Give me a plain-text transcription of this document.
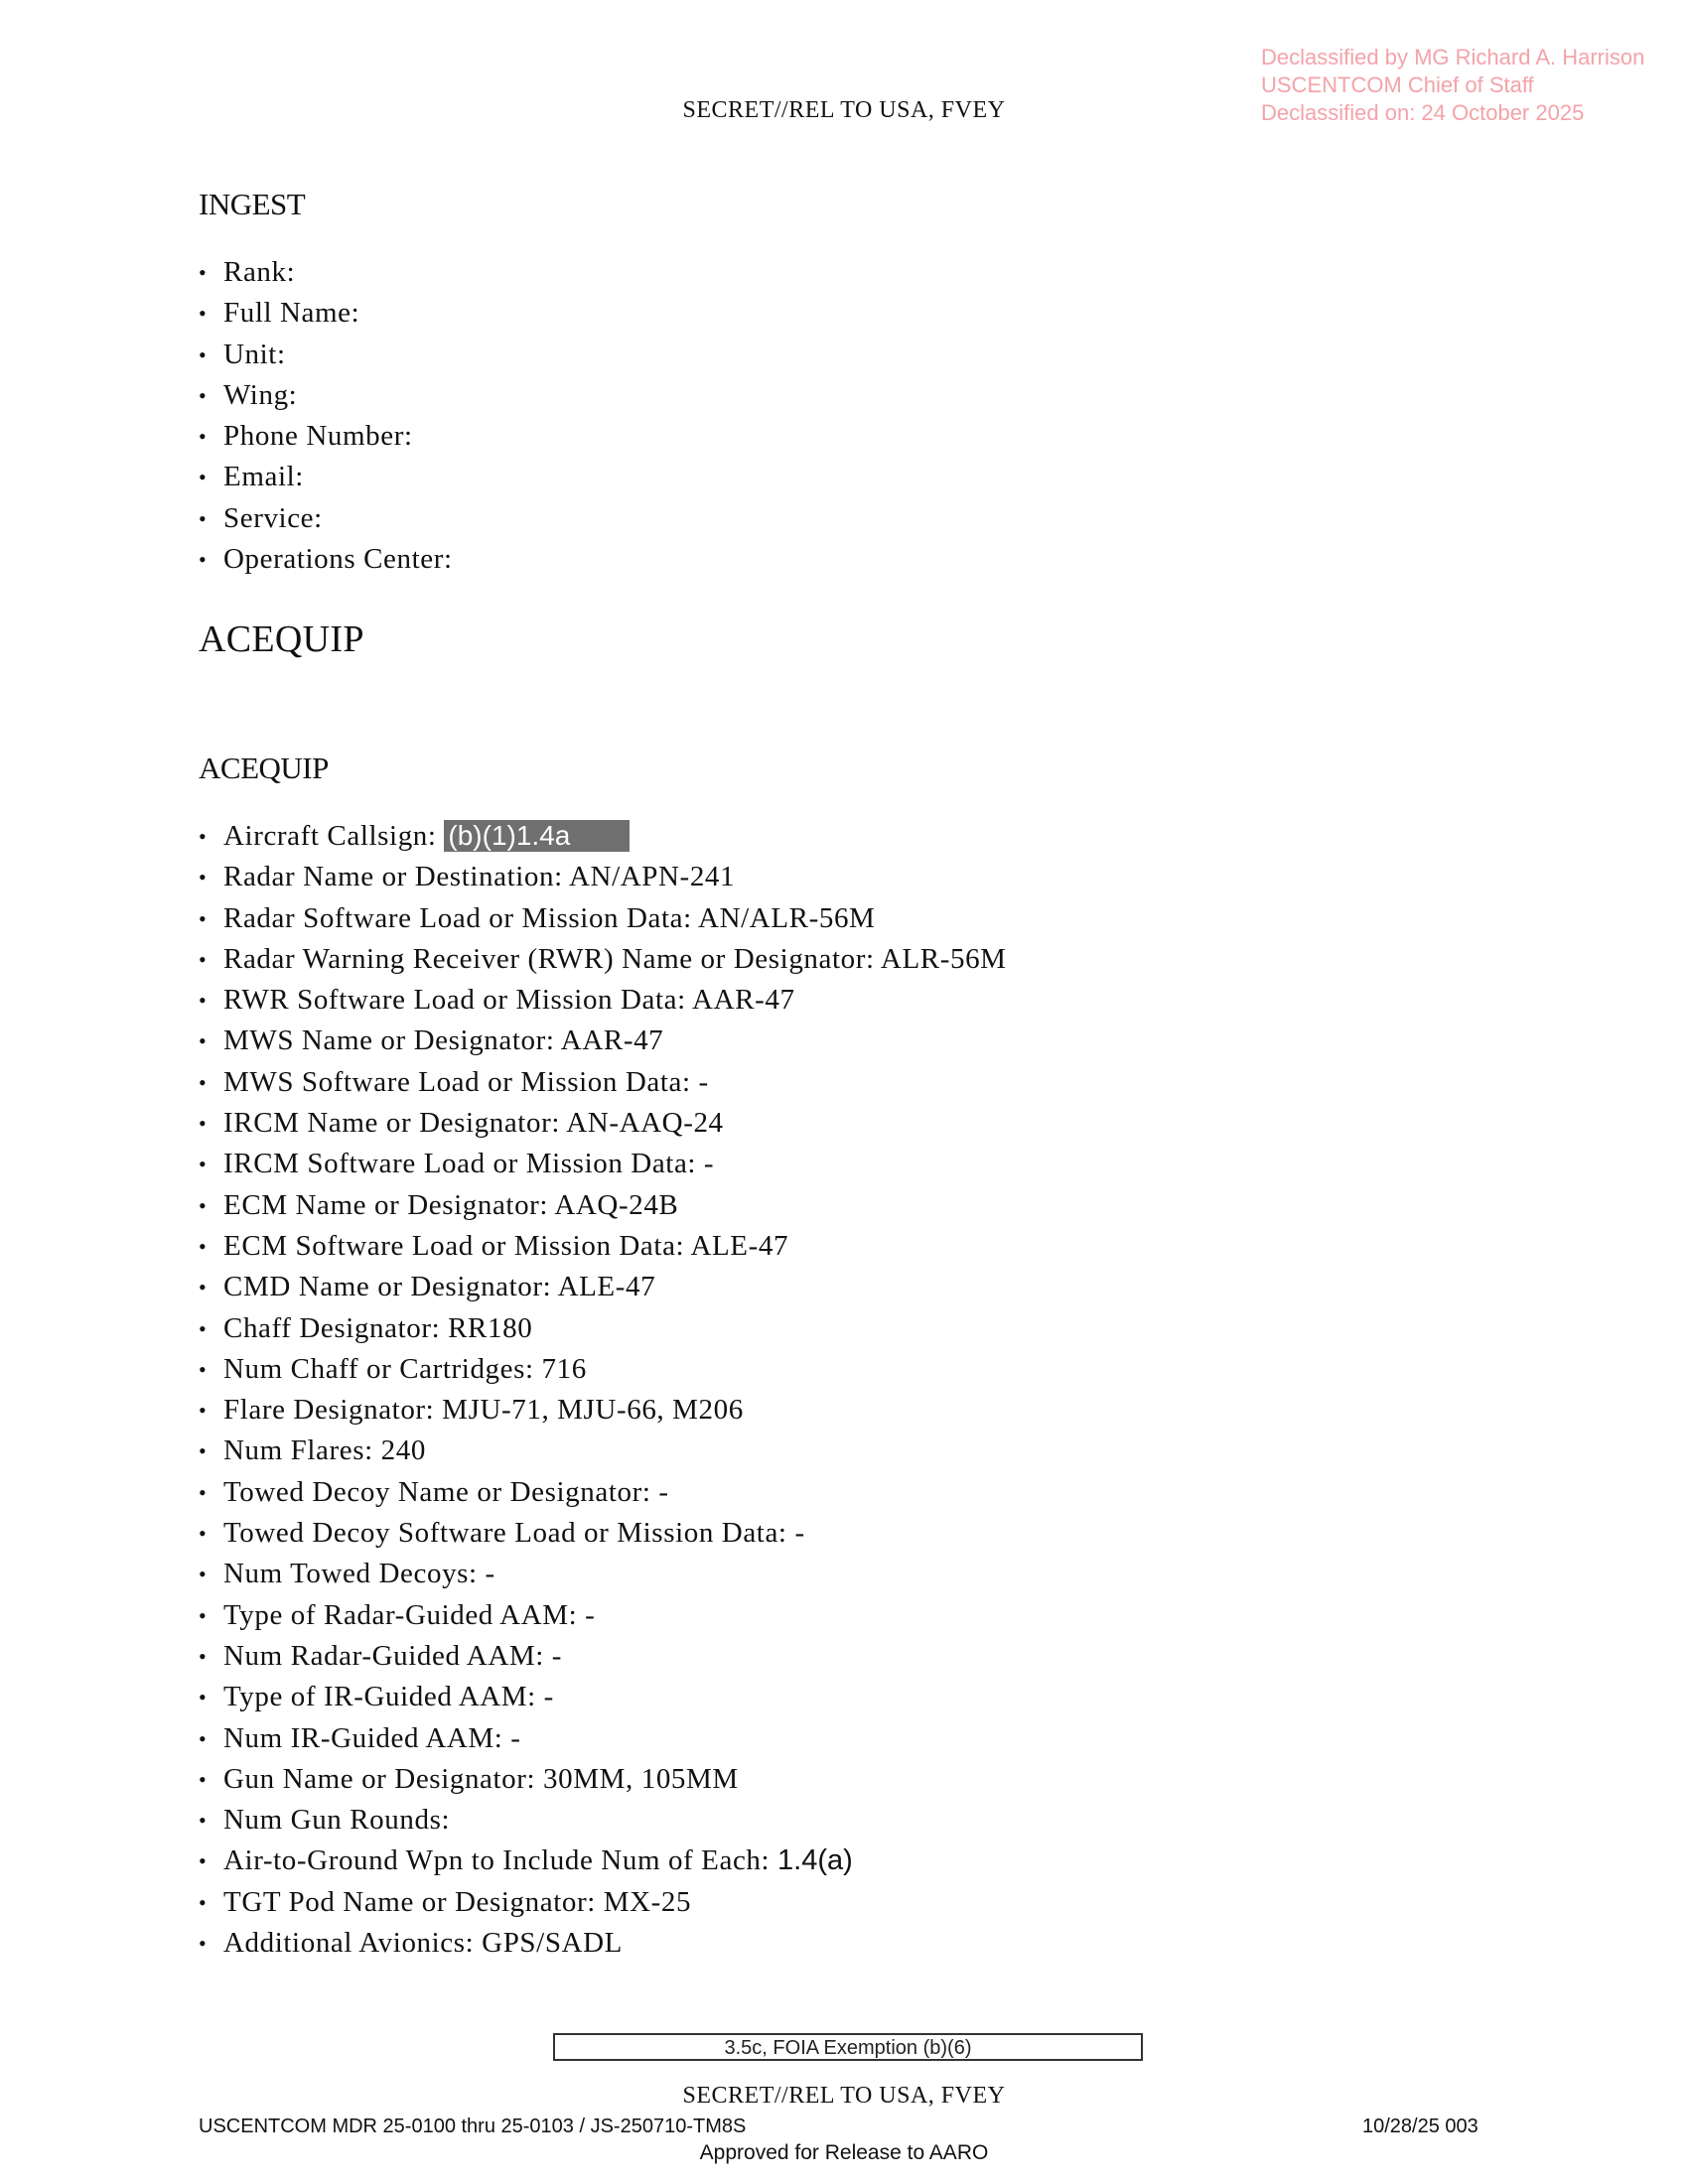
Declassified by MG Richard A. Harrison
USCENTCOM Chief of Staff
Declassified on: 24 October 2025
SECRET//REL TO USA, FVEY
INGEST
• Rank:
• Full Name:
• Unit:
• Wing:
• Phone Number:
• Email:
• Service:
• Operations Center:
ACEQUIP
ACEQUIP
• Aircraft Callsign: (b)(1)1.4a
• Radar Name or Destination: AN/APN-241
• Radar Software Load or Mission Data: AN/ALR-56M
• Radar Warning Receiver (RWR) Name or Designator: ALR-56M
• RWR Software Load or Mission Data: AAR-47
• MWS Name or Designator: AAR-47
• MWS Software Load or Mission Data: -
• IRCM Name or Designator: AN-AAQ-24
• IRCM Software Load or Mission Data: -
• ECM Name or Designator: AAQ-24B
• ECM Software Load or Mission Data: ALE-47
• CMD Name or Designator: ALE-47
• Chaff Designator: RR180
• Num Chaff or Cartridges: 716
• Flare Designator: MJU-71, MJU-66, M206
• Num Flares: 240
• Towed Decoy Name or Designator: -
• Towed Decoy Software Load or Mission Data: -
• Num Towed Decoys: -
• Type of Radar-Guided AAM: -
• Num Radar-Guided AAM: -
• Type of IR-Guided AAM: -
• Num IR-Guided AAM: -
• Gun Name or Designator: 30MM, 105MM
• Num Gun Rounds:
• Air-to-Ground Wpn to Include Num of Each: 1.4(a)
• TGT Pod Name or Designator: MX-25
• Additional Avionics: GPS/SADL
3.5c, FOIA Exemption (b)(6)
SECRET//REL TO USA, FVEY
USCENTCOM MDR 25-0100 thru 25-0103 / JS-250710-TM8S	10/28/25 003
Approved for Release to AARO
